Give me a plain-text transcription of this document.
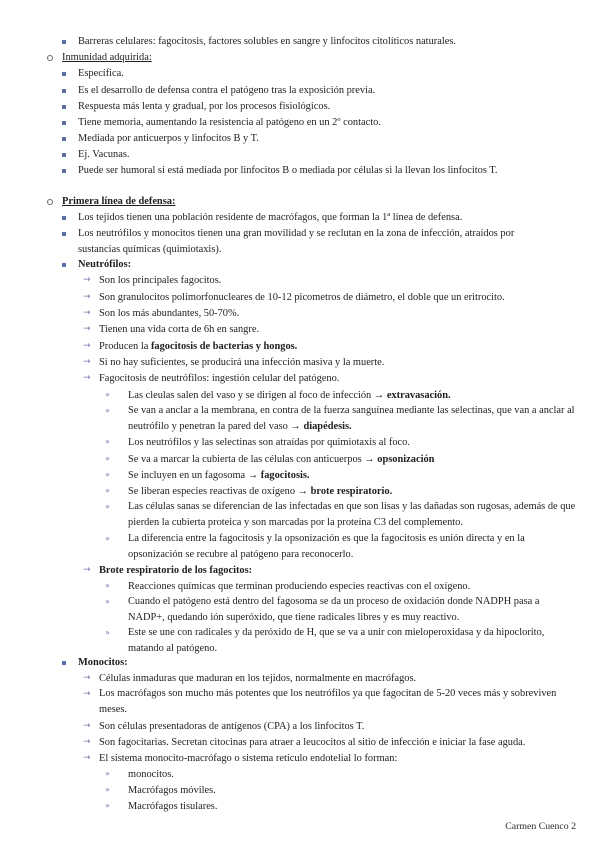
Barreras celulares: fagocitosis, factores solubles en sangre y linfocitos citolíticos naturales.
Inmunidad adquirida:
Específica.
Es el desarrollo de defensa contra el patógeno tras la exposición previa.
Respuesta más lenta y gradual, por los procesos fisiológicos.
Tiene memoria, aumentando la resistencia al patógeno en un 2º contacto.
Mediada por anticuerpos y linfocitos B y T.
Ej. Vacunas.
Puede ser humoral si está mediada por linfocitos B o mediada por células si la llevan los linfocitos T.
Primera línea de defensa:
Los tejidos tienen una población residente de macrófagos, que forman la 1ª línea de defensa.
Los neutrófilos y monocitos tienen una gran movilidad y se reclutan en la zona de infección, atraídos por sustancias químicas (quimiotaxis).
Neutrófilos:
→ Son los principales fagocitos.
→ Son granulocitos polimorfonucleares de 10-12 picometros de diámetro, el doble que un eritrocito.
→ Son los más abundantes, 50-70%.
→ Tienen una vida corta de 6h en sangre.
→ Producen la fagocitosis de bacterias y hongos.
→ Si no hay suficientes, se producirá una infección masiva y la muerte.
→ Fagocitosis de neutrófilos: ingestión celular del patógeno.
» Las cleulas salen del vaso y se dirigen al foco de infección → extravasación.
» Se van a anclar a la membrana, en contra de la fuerza sanguínea mediante las selectinas, que van a anclar al neutrófilo y penetran la pared del vaso → diapédesis.
» Los neutrófilos y las selectinas son atraídas por quimiotaxis al foco.
» Se va a marcar la cubierta de las células con anticuerpos → opsonización
» Se incluyen en un fagosoma → fagocitosis.
» Se liberan especies reactivas de oxígeno → brote respiratorio.
» Las células sanas se diferencian de las infectadas en que son lisas y las dañadas son rugosas, además de que pierden la cubierta proteica y son marcadas por la proteína C3 del complemento.
» La diferencia entre la fagocitosis y la opsonización es que la fagocitosis es unión directa y en la opsonización se recubre al patógeno para reconocerlo.
→ Brote respiratorio de los fagocitos:
» Reacciones químicas que terminan produciendo especies reactivas con el oxígeno.
» Cuando el patógeno está dentro del fagosoma se da un proceso de oxidación donde NADPH pasa a NADP+, quedando ión superóxido, que tiene radicales libres y es muy reactivo.
» Este se une con radicales y da peróxido de H, que se va a unir con mieloperoxidasa y da hipoclorito, matando al patógeno.
Monocitos:
→ Células inmaduras que maduran en los tejidos, normalmente en macrófagos.
→ Los macrófagos son mucho más potentes que los neutrófilos ya que fagocitan de 5-20 veces más y sobreviven meses.
→ Son células presentadoras de antígenos (CPA) a los linfocitos T.
→ Son fagocitarias. Secretan citocinas para atraer a leucocitos al sitio de infección e iniciar la fase aguda.
→ El sistema monocito-macrófago o sistema retículo endotelial lo forman:
» monocitos.
» Macrófagos móviles.
» Macrófagos tisulares.
Carmen Cuenco 2
